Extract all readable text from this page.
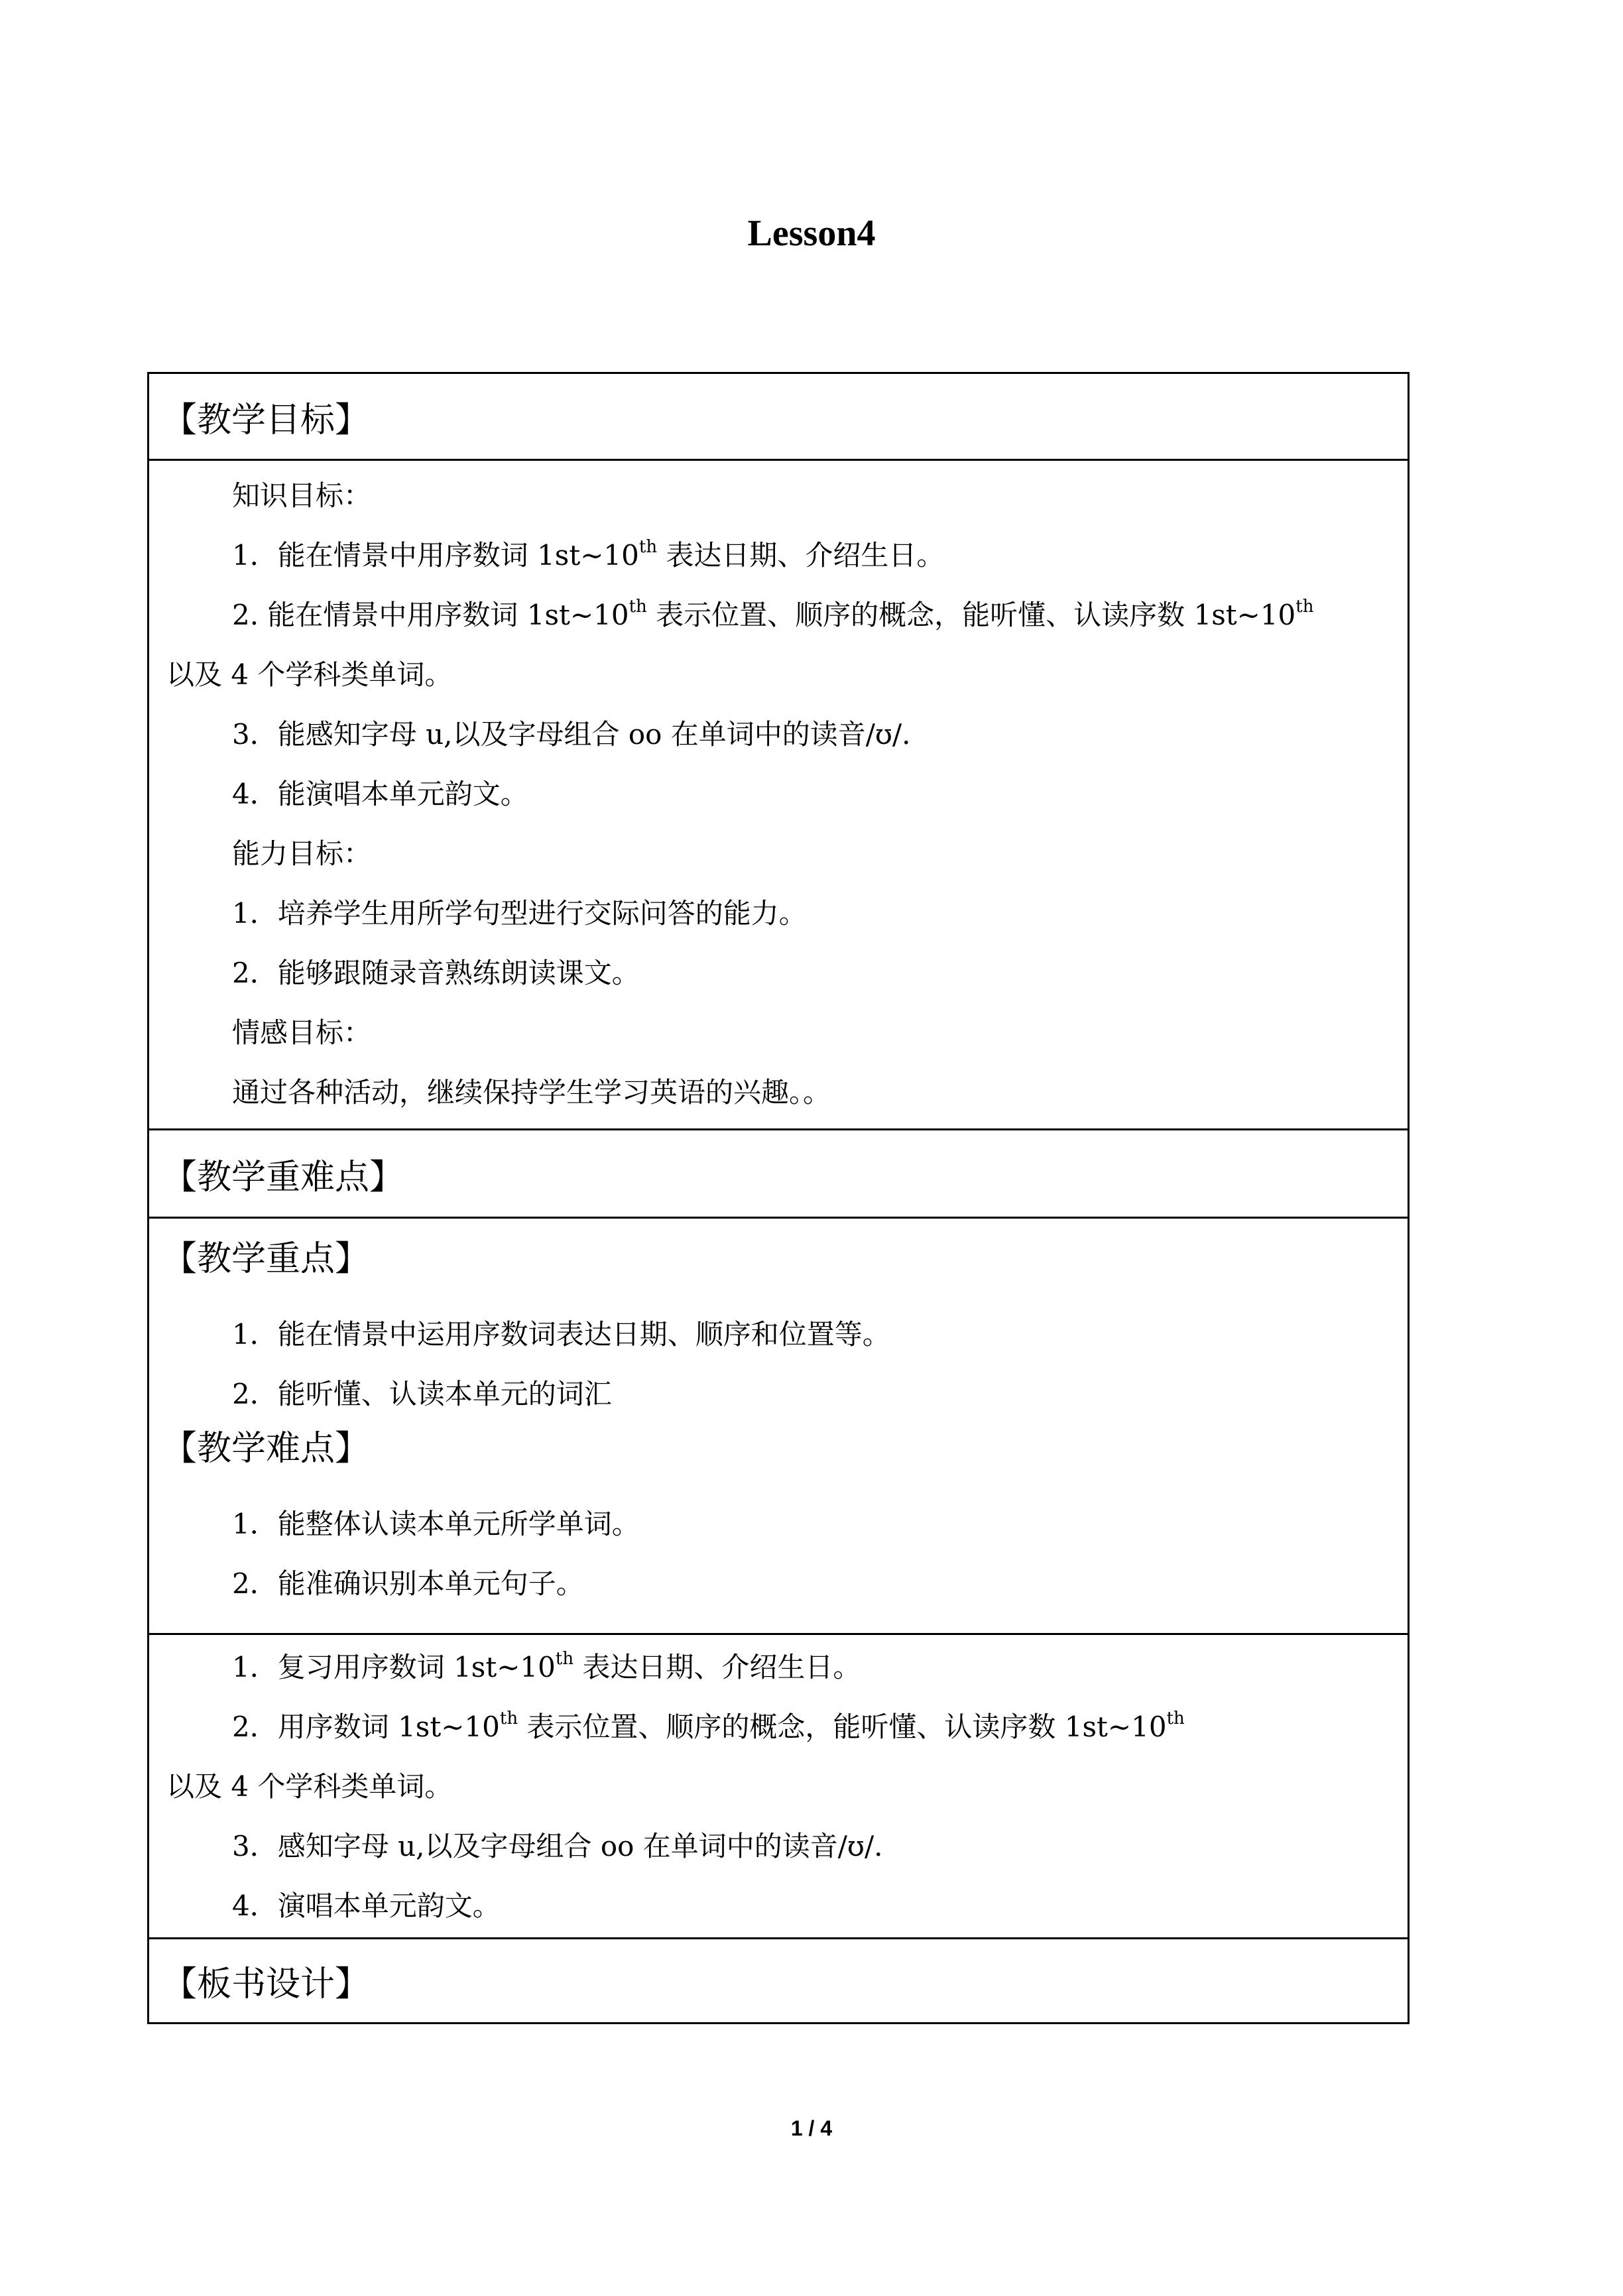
Lesson4
【教学目标】
知识目标：
1．能在情景中用序数词 1st~10th 表达日期、介绍生日。
2. 能在情景中用序数词 1st~10th 表示位置、顺序的概念，能听懂、认读序数 1st~10th
以及 4 个学科类单词。
3．能感知字母 u,以及字母组合 oo 在单词中的读音/ʊ/.
4．能演唱本单元韵文。
能力目标：
1．培养学生用所学句型进行交际问答的能力。
2．能够跟随录音熟练朗读课文。
情感目标：
通过各种活动，继续保持学生学习英语的兴趣。。
【教学重难点】
【教学重点】
1．能在情景中运用序数词表达日期、顺序和位置等。
2．能听懂、认读本单元的词汇
【教学难点】
1．能整体认读本单元所学单词。
2．能准确识别本单元句子。
1．复习用序数词 1st~10th 表达日期、介绍生日。
2．用序数词 1st~10th 表示位置、顺序的概念，能听懂、认读序数 1st~10th
以及 4 个学科类单词。
3．感知字母 u,以及字母组合 oo 在单词中的读音/ʊ/.
4．演唱本单元韵文。
【板书设计】
1 / 4
